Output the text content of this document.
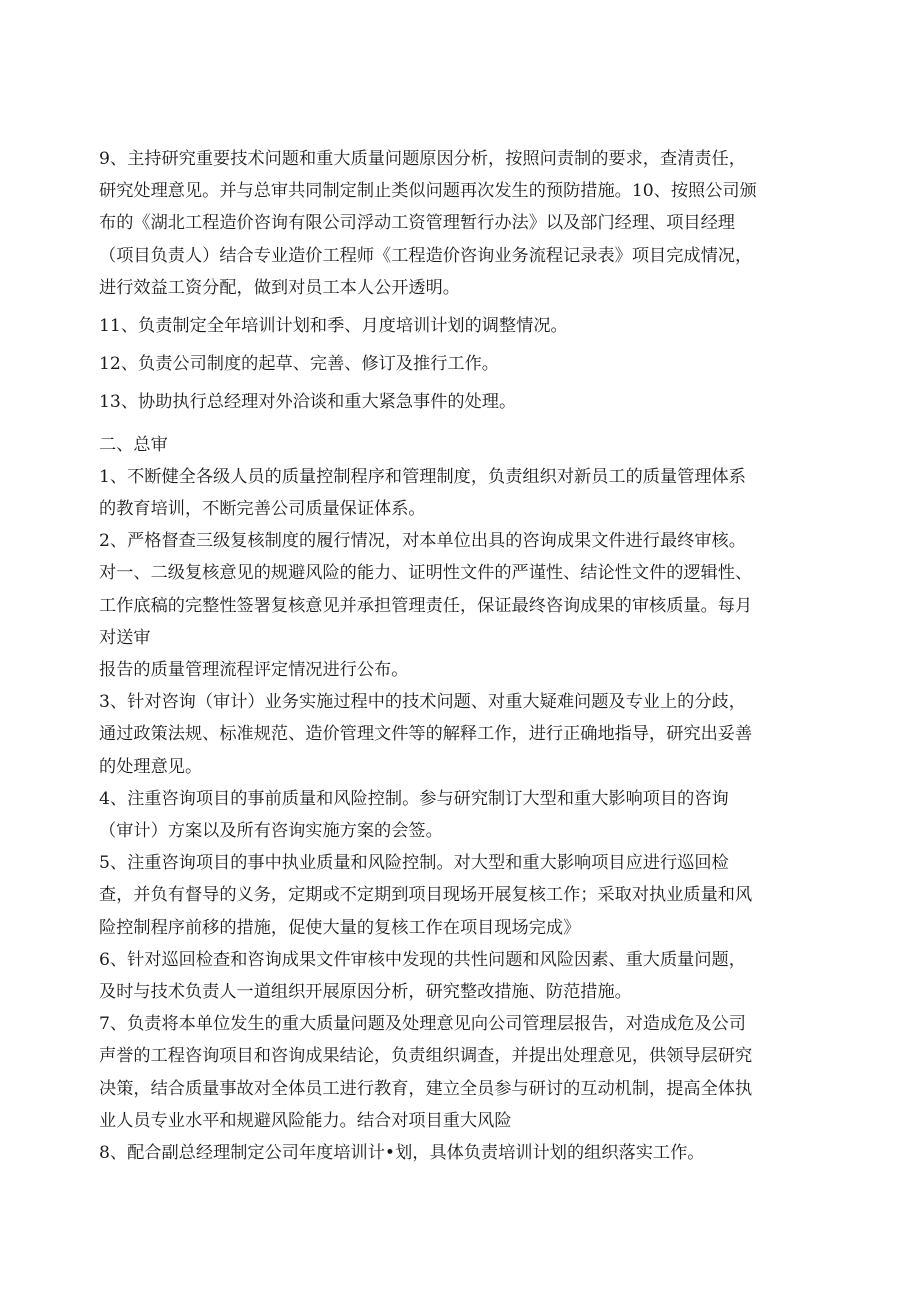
9、主持研究重要技术问题和重大质量问题原因分析，按照问责制的要求，查清责任，
研究处理意见。并与总审共同制定制止类似问题再次发生的预防措施。10、按照公司颁
布的《湖北工程造价咨询有限公司浮动工资管理暂行办法》以及部门经理、项目经理
（项目负责人）结合专业造价工程师《工程造价咨询业务流程记录表》项目完成情况，
进行效益工资分配，做到对员工本人公开透明。

11、负责制定全年培训计划和季、月度培训计划的调整情况。

12、负责公司制度的起草、完善、修订及推行工作。

13、协助执行总经理对外洽谈和重大紧急事件的处理。

二、总审

1、不断健全各级人员的质量控制程序和管理制度，负责组织对新员工的质量管理体系
的教育培训，不断完善公司质量保证体系。

2、严格督查三级复核制度的履行情况，对本单位出具的咨询成果文件进行最终审核。
对一、二级复核意见的规避风险的能力、证明性文件的严谨性、结论性文件的逻辑性、
工作底稿的完整性签署复核意见并承担管理责任，保证最终咨询成果的审核质量。每月
对送审
报告的质量管理流程评定情况进行公布。

3、针对咨询（审计）业务实施过程中的技术问题、对重大疑难问题及专业上的分歧，
通过政策法规、标准规范、造价管理文件等的解释工作，进行正确地指导，研究出妥善
的处理意见。

4、注重咨询项目的事前质量和风险控制。参与研究制订大型和重大影响项目的咨询
（审计）方案以及所有咨询实施方案的会签。

5、注重咨询项目的事中执业质量和风险控制。对大型和重大影响项目应进行巡回检
查，并负有督导的义务，定期或不定期到项目现场开展复核工作；采取对执业质量和风
险控制程序前移的措施，促使大量的复核工作在项目现场完成》

6、针对巡回检查和咨询成果文件审核中发现的共性问题和风险因素、重大质量问题，
及时与技术负责人一道组织开展原因分析，研究整改措施、防范措施。

7、负责将本单位发生的重大质量问题及处理意见向公司管理层报告，对造成危及公司
声誉的工程咨询项目和咨询成果结论，负责组织调查，并提出处理意见，供领导层研究
决策，结合质量事故对全体员工进行教育，建立全员参与研讨的互动机制，提高全体执
业人员专业水平和规避风险能力。结合对项目重大风险

8、配合副总经理制定公司年度培训计•划，具体负责培训计划的组织落实工作。
